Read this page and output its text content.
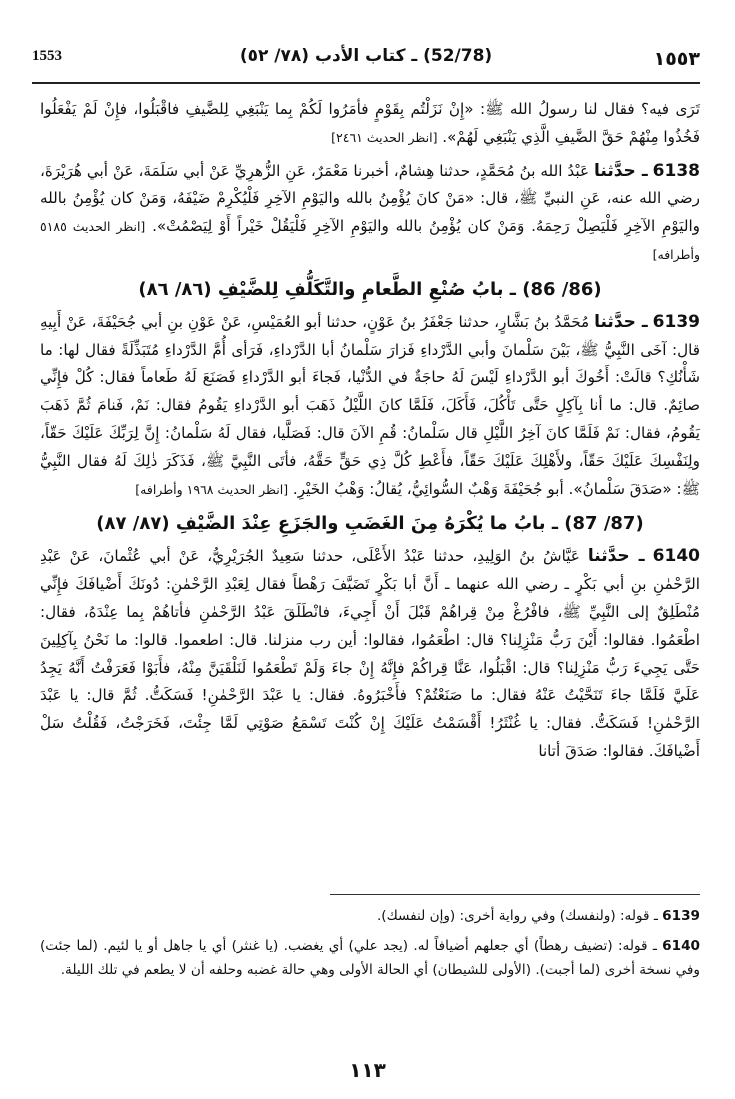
1553	(52/78) ـ كتاب الأدب (٧٨/ ٥٢)	١٥٥٣

تَرَى فيه؟ فقال لنا رسولُ الله ﷺ: «إِنْ نَزَلْتُم بِقَوْمٍ فأمَرُوا لَكُمْ بِما يَنْبَغِي لِلضَّيفِ فاقْبَلُوا، فإِنْ لَمْ يَفْعَلُوا فَخُذُوا مِنْهُمْ حَقَّ الضَّيفِ الَّذِي يَنْبَغِي لَهُمْ». [انظر الحديث ٢٤٦١]

6138 ـ حدَّثنا عَبْدُ الله بنُ مُحَمَّدٍ، حدثنا هِشامٌ، أخبرنا مَعْمَرٌ، عَنِ الزُّهرِيِّ عَنْ أبي سَلَمَةَ، عَنْ أبي هُرَيْرَةَ، رضي الله عنه، عَنِ النبيِّ ﷺ، قال: «مَنْ كانَ يُؤْمِنُ بالله واليَوْمِ الآخِرِ فَلْيُكْرِمْ ضَيْفَهُ، وَمَنْ كان يُؤْمِنُ بالله واليَوْمِ الآخِرِ فَلْيَصِلْ رَحِمَهُ. وَمَنْ كان يُؤْمِنُ بالله واليَوْمِ الآخِرِ فَلْيَقُلْ خَيْراً أَوْ لِيَصْمُتْ». [انظر الحديث ٥١٨٥ وأطرافه]

(86/ 86) ـ بابُ صُنْعِ الطَّعامِ والتَّكَلُّفِ لِلضَّيْفِ (٨٦/ ٨٦)

6139 ـ حدَّثنا مُحَمَّدُ بنُ بَشَّارٍ، حدثنا جَعْفَرُ بنُ عَوْنٍ، حدثنا أبو العُمَيْسِ، عَنْ عَوْنِ بنِ أبي جُحَيْفَةَ، عَنْ أَبِيهِ قال: آخَى النَّبِيُّ ﷺ، بَيْنَ سَلْمانَ وأبي الدَّرْداءِ فَزارَ سَلْمانُ أبا الدَّرْداءِ، فَرَأى أُمَّ الدَّرْداءِ مُتَبَذِّلَةً فقال لها: ما شَأْنُكِ؟ قالَتْ: أَخُوكَ أبو الدَّرْداءِ لَيْسَ لَهُ حاجَةٌ في الدُّنْيا، فَجاءَ أبو الدَّرْداءِ فَصَنَعَ لَهُ طَعاماً فقال: كُلْ فإِنِّي صائِمٌ. قال: ما أنا بِآكِلٍ حَتَّى تَأْكُلَ، فَأَكَلَ، فَلَمَّا كانَ اللَّيْلُ ذَهَبَ أبو الدَّرْداءِ يَقُومُ فقال: نَمْ، فَنامَ ثُمَّ ذَهَبَ يَقُومُ، فقال: نَمْ فَلَمَّا كانَ آخِرُ اللَّيْلِ قال سَلْمانُ: قُمِ الآنَ قال: فَصَلَّيا، فقال لَهُ سَلْمانُ: إِنَّ لِرَبِّكَ عَلَيْكَ حَقّاً، ولِنَفْسِكَ عَلَيْكَ حَقّاً، ولأَهْلِكَ عَلَيْكَ حَقّاً، فأَعْطِ كُلَّ ذِي حَقٍّ حَقَّهُ، فأتَى النَّبِيَّ ﷺ، فَذَكَرَ ذٰلِكَ لَهُ فقال النَّبِيُّ ﷺ: «صَدَقَ سَلْمانُ». أبو جُحَيْفَةَ وَهْبٌ السُّوائِيُّ، يُقالُ: وَهْبُ الخَيْرِ. [انظر الحديث ١٩٦٨ وأطرافه]

(87/ 87) ـ بابُ ما يُكْرَهُ مِنَ الغَضَبِ والجَزَعِ عِنْدَ الضَّيْفِ (٨٧/ ٨٧)

6140 ـ حدَّثنا عَيَّاشُ بنُ الوَلِيدِ، حدثنا عَبْدُ الأَعْلَى، حدثنا سَعِيدٌ الجُرَيْرِيُّ، عَنْ أبي عُثْمانَ، عَنْ عَبْدِ الرَّحْمٰنِ بنِ أبي بَكْرٍ ـ رضي الله عنهما ـ أَنَّ أبا بَكْرٍ تَضَيَّفَ رَهْطاً فقال لِعَبْدِ الرَّحْمٰنِ: دُونَكَ أَضْيافَكَ فإِنِّي مُنْطَلِقٌ إلى النَّبِيِّ ﷺ، فافْرُغْ مِنْ قِراهُمْ قَبْلَ أَنْ أَجِيءَ، فانْطَلَقَ عَبْدُ الرَّحْمٰنِ فأتاهُمْ بِما عِنْدَهُ، فقال: اطْعَمُوا. فقالوا: أَيْنَ رَبُّ مَنْزِلِنا؟ قال: اطْعَمُوا، فقالوا: أين رب منزلنا. قال: اطعموا. قالوا: ما نَحْنُ بِآكِلِينَ حَتَّى يَجِيءَ رَبُّ مَنْزِلِنا؟ قال: اقْبَلُوا، عَنَّا قِراكُمْ فإِنَّهُ إِنْ جاءَ وَلَمْ تَطْعَمُوا لَنَلْقَيَنَّ مِنْهُ، فأَبَوْا فَعَرَفْتُ أَنَّهُ يَجِدُ عَلَيَّ فَلَمَّا جاءَ تَنَحَّيْتُ عَنْهُ فقال: ما صَنَعْتُمْ؟ فأَخْبَرُوهُ. فقال: يا عَبْدَ الرَّحْمٰنِ! فَسَكَتُّ. ثُمَّ قال: يا عَبْدَ الرَّحْمٰنِ! فَسَكَتُّ. فقال: يا غُنْثَرُ! أَقْسَمْتُ عَلَيْكَ إِنْ كُنْتَ تَسْمَعُ صَوْتِي لَمَّا جِئْتَ، فَخَرَجْتُ، فَقُلْتُ سَلْ أَضْيافَكَ. فقالوا: صَدَقَ أتانا

6139 ـ قوله: (ولنفسك) وفي رواية أخرى: (وإن لنفسك).

6140 ـ قوله: (تضيف رهطاً) أي جعلهم أضيافاً له. (يجد علي) أي يغضب. (يا غنثر) أي يا جاهل أو يا لئيم. (لما جئت) وفي نسخة أخرى (لما أجبت). (الأولى للشيطان) أي الحالة الأولى وهي حالة غضبه وحلفه أن لا يطعم في تلك الليلة.

١١٣
